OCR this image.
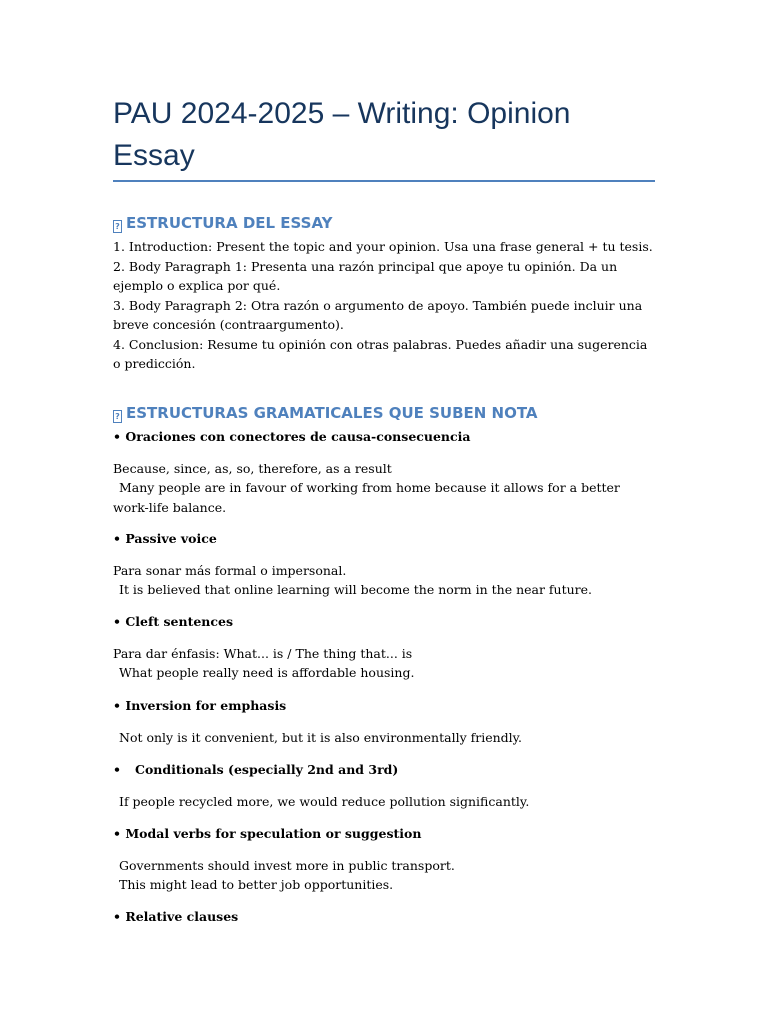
PAU 2024-2025 – Writing: Opinion Essay
? ESTRUCTURA DEL ESSAY
1. Introduction: Present the topic and your opinion. Usa una frase general + tu tesis.
2. Body Paragraph 1: Presenta una razón principal que apoye tu opinión. Da un ejemplo o explica por qué.
3. Body Paragraph 2: Otra razón o argumento de apoyo. También puede incluir una breve concesión (contraargumento).
4. Conclusion: Resume tu opinión con otras palabras. Puedes añadir una sugerencia o predicción.
? ESTRUCTURAS GRAMATICALES QUE SUBEN NOTA
• Oraciones con conectores de causa-consecuencia
Because, since, as, so, therefore, as a result
Many people are in favour of working from home because it allows for a better work-life balance.
• Passive voice
Para sonar más formal o impersonal.
It is believed that online learning will become the norm in the near future.
• Cleft sentences
Para dar énfasis: What... is / The thing that... is
What people really need is affordable housing.
• Inversion for emphasis
Not only is it convenient, but it is also environmentally friendly.
• Conditionals (especially 2nd and 3rd)
If people recycled more, we would reduce pollution significantly.
• Modal verbs for speculation or suggestion
Governments should invest more in public transport.
This might lead to better job opportunities.
• Relative clauses
